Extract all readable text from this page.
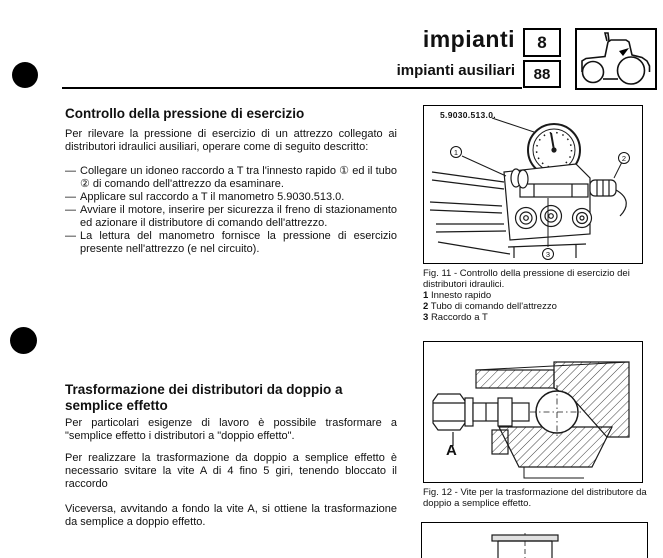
impianti 8
impianti ausiliari 88
Controllo della pressione di esercizio
Per rilevare la pressione di esercizio di un attrezzo collegato ai distributori idraulici ausiliari, operare come di seguito descritto:
— Collegare un idoneo raccordo a T tra l'innesto rapido ① ed il tubo ② di comando dell'attrezzo da esaminare.
— Applicare sul raccordo a T il manometro 5.9030.513.0.
— Avviare il motore, inserire per sicurezza il freno di stazionamento ed azionare il distributore di comando dell'attrezzo.
— La lettura del manometro fornisce la pressione di esercizio presente nell'attrezzo (e nel circuito).
Trasformazione dei distributori da doppio a semplice effetto
Per particolari esigenze di lavoro è possibile trasformare a "semplice effetto i distributori a "doppio effetto".
Per realizzare la trasformazione da doppio a semplice effetto è necessario svitare la vite A di 4 fino 5 giri, tenendo bloccato il raccordo
Viceversa, avvitando a fondo la vite A, si ottiene la trasformazione da semplice a doppio effetto.
5.9030.513.0.
1
2
3
Fig. 11 - Controllo della pressione di esercizio dei distributori idraulici.
1 Innesto rapido
2 Tubo di comando dell'attrezzo
3 Raccordo a T
A
Fig. 12 - Vite per la trasformazione del distributore da doppio a semplice effetto.
